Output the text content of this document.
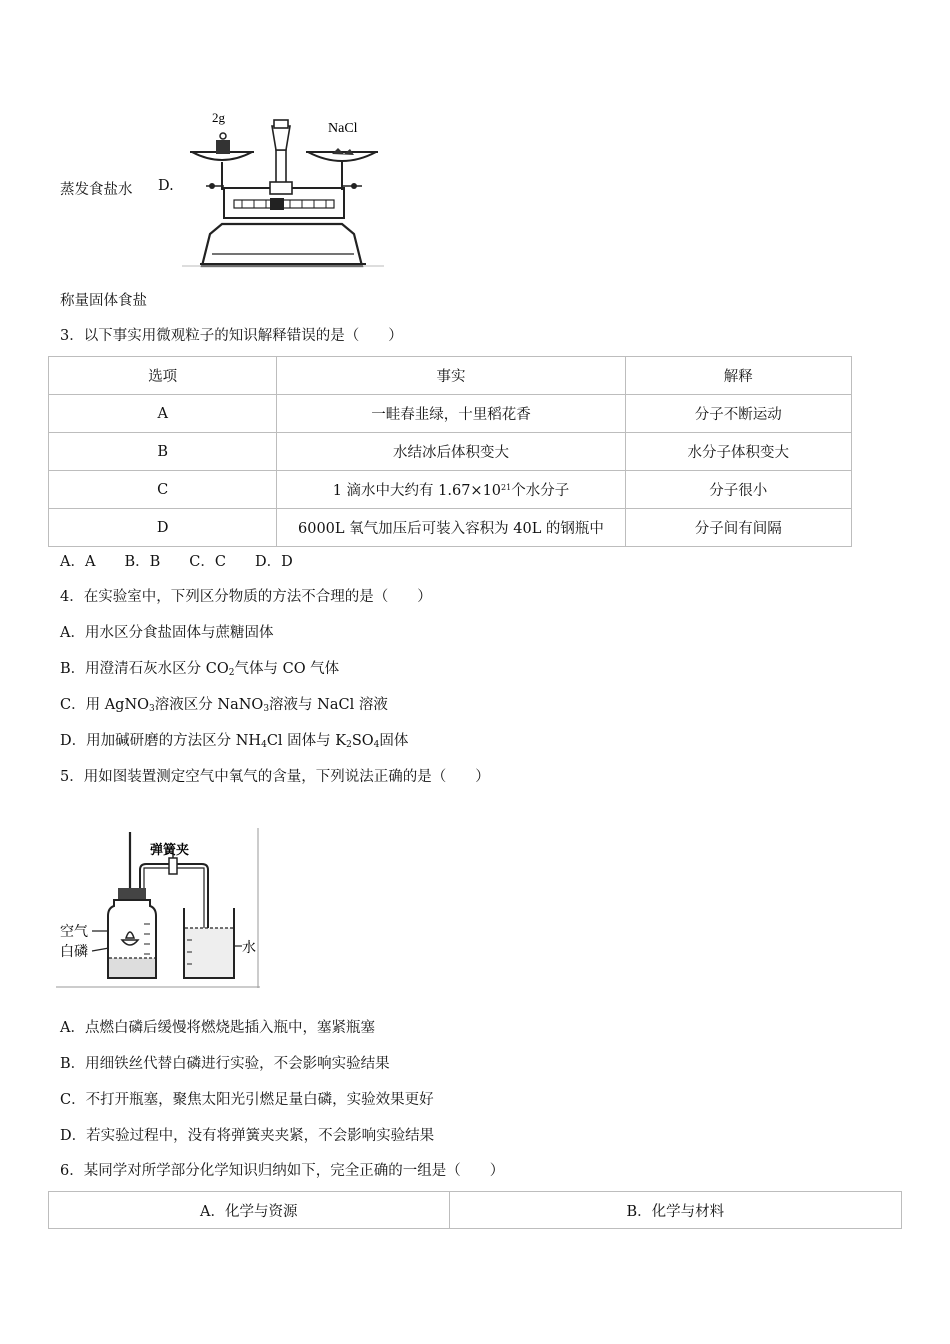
蒸发食盐水 D.
2g
NaCl
称量固体食盐
3．以下事实用微观粒子的知识解释错误的是（　　）
选项	事实	解释
A	一畦春韭绿，十里稻花香	分子不断运动
B	水结冰后体积变大	水分子体积变大
C	1 滴水中大约有 $1.67\times 10^{21}$个水分子	分子很小
D	6000L 氧气加压后可装入容积为 40L 的钢瓶中	分子间有间隔
A．A　　B．B　　C．C　　D．D
4．在实验室中，下列区分物质的方法不合理的是（　　）
A．用水区分食盐固体与蔗糖固体
B．用澄清石灰水区分 $CO_2$气体与 CO 气体
C．用 AgNO$_3$溶液区分 NaNO$_3$溶液与 NaCl 溶液
D．用加碱研磨的方法区分 $NH_4Cl$ 固体与 $K_2SO_4$固体
5．用如图装置测定空气中氧气的含量，下列说法正确的是（　　）
弹簧夹
空气
白磷	水
A．点燃白磷后缓慢将燃烧匙插入瓶中，塞紧瓶塞
B．用细铁丝代替白磷进行实验，不会影响实验结果
C．不打开瓶塞，聚焦太阳光引燃足量白磷，实验效果更好
D．若实验过程中，没有将弹簧夹夹紧，不会影响实验结果
6．某同学对所学部分化学知识归纳如下，完全正确的一组是（　　）
A．化学与资源	B．化学与材料
